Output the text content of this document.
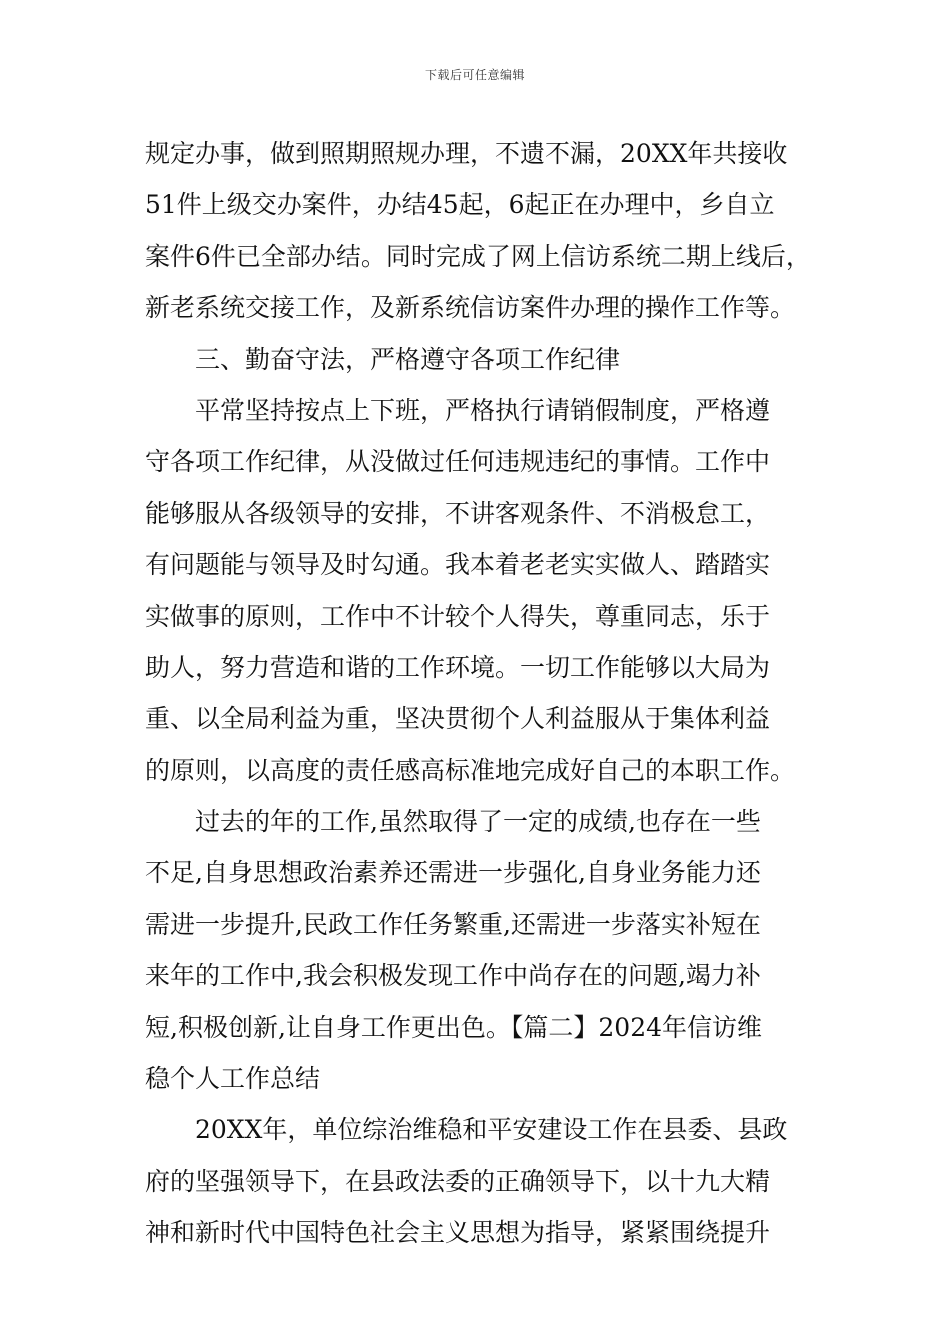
下载后可任意编辑
规定办事，做到照期照规办理，不遗不漏，20XX年共接收
51件上级交办案件，办结45起，6起正在办理中，乡自立
案件6件已全部办结。同时完成了网上信访系统二期上线后，
新老系统交接工作，及新系统信访案件办理的操作工作等。
三、勤奋守法，严格遵守各项工作纪律
平常坚持按点上下班，严格执行请销假制度，严格遵
守各项工作纪律，从没做过任何违规违纪的事情。工作中
能够服从各级领导的安排，不讲客观条件、不消极怠工，
有问题能与领导及时勾通。我本着老老实实做人、踏踏实
实做事的原则，工作中不计较个人得失，尊重同志，乐于
助人，努力营造和谐的工作环境。一切工作能够以大局为
重、以全局利益为重，坚决贯彻个人利益服从于集体利益
的原则，以高度的责任感高标准地完成好自己的本职工作。
过去的年的工作,虽然取得了一定的成绩,也存在一些
不足,自身思想政治素养还需进一步强化,自身业务能力还
需进一步提升,民政工作任务繁重,还需进一步落实补短在
来年的工作中,我会积极发现工作中尚存在的问题,竭力补
短,积极创新,让自身工作更出色。【篇二】2024年信访维
稳个人工作总结
20XX年，单位综治维稳和平安建设工作在县委、县政
府的坚强领导下，在县政法委的正确领导下，以十九大精
神和新时代中国特色社会主义思想为指导，紧紧围绕提升
